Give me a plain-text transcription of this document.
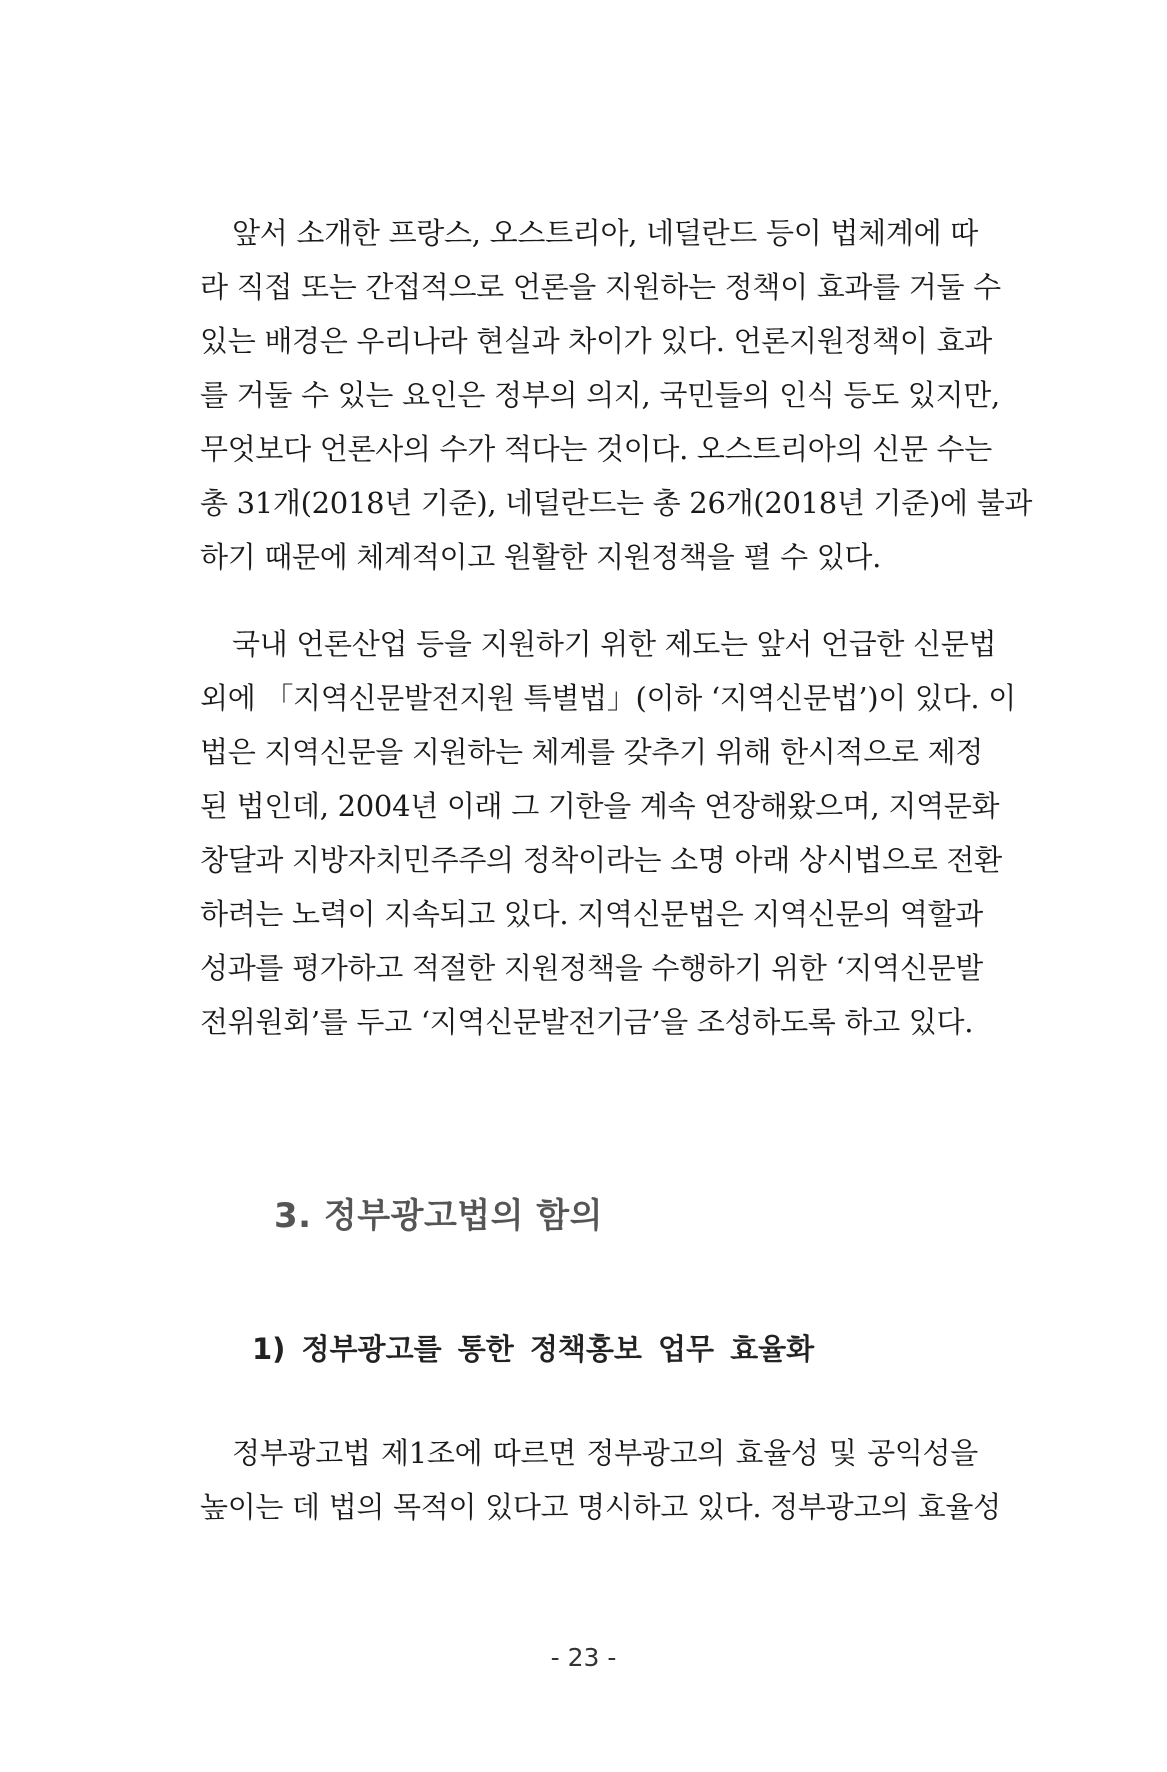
앞서 소개한 프랑스, 오스트리아, 네덜란드 등이 법체계에 따
라 직접 또는 간접적으로 언론을 지원하는 정책이 효과를 거둘 수
있는 배경은 우리나라 현실과 차이가 있다. 언론지원정책이 효과
를 거둘 수 있는 요인은 정부의 의지, 국민들의 인식 등도 있지만,
무엇보다 언론사의 수가 적다는 것이다. 오스트리아의 신문 수는
총 31개(2018년 기준), 네덜란드는 총 26개(2018년 기준)에 불과
하기 때문에 체계적이고 원활한 지원정책을 펼 수 있다.
국내 언론산업 등을 지원하기 위한 제도는 앞서 언급한 신문법
외에 「지역신문발전지원 특별법」(이하 ‘지역신문법’)이 있다. 이
법은 지역신문을 지원하는 체계를 갖추기 위해 한시적으로 제정
된 법인데, 2004년 이래 그 기한을 계속 연장해왔으며, 지역문화
창달과 지방자치민주주의 정착이라는 소명 아래 상시법으로 전환
하려는 노력이 지속되고 있다. 지역신문법은 지역신문의 역할과
성과를 평가하고 적절한 지원정책을 수행하기 위한 ‘지역신문발
전위원회’를 두고 ‘지역신문발전기금’을 조성하도록 하고 있다.
3. 정부광고법의 함의
1) 정부광고를 통한 정책홍보 업무 효율화
정부광고법 제1조에 따르면 정부광고의 효율성 및 공익성을
높이는 데 법의 목적이 있다고 명시하고 있다. 정부광고의 효율성
- 23 -
